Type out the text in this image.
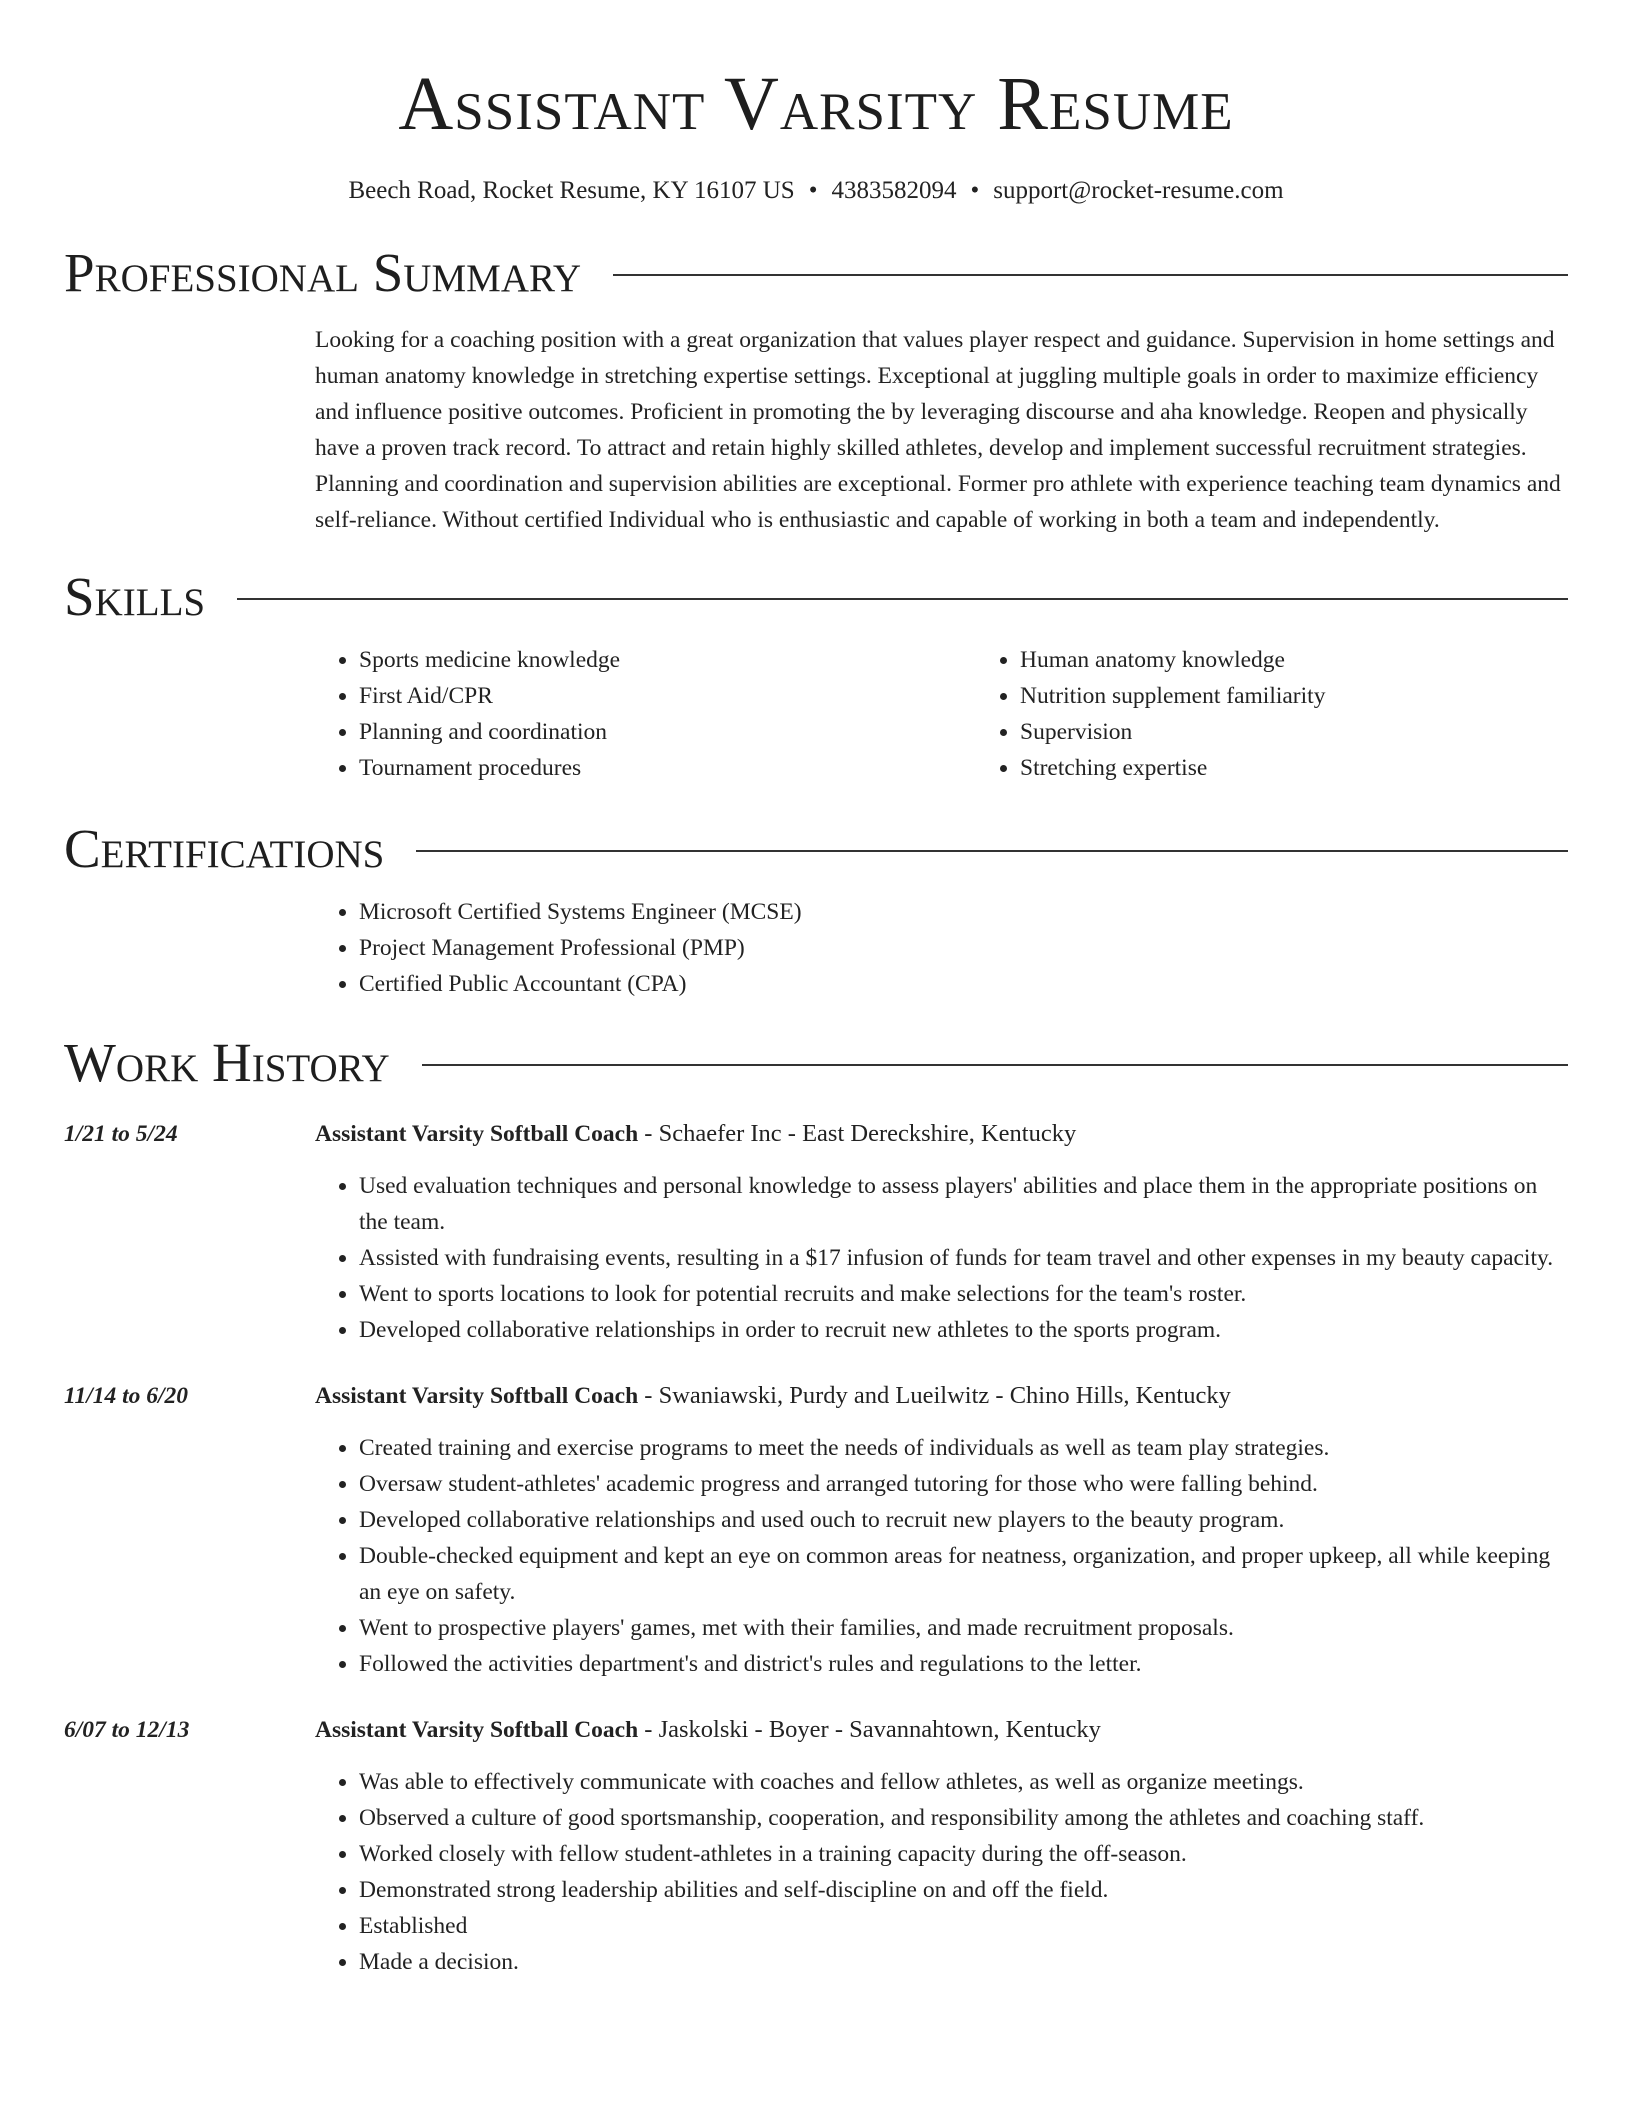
Assistant Varsity Resume
Beech Road, Rocket Resume, KY 16107 US • 4383582094 • support@rocket-resume.com
Professional Summary

Looking for a coaching position with a great organization that values player respect and guidance. Supervision in home settings and human anatomy knowledge in stretching expertise settings. Exceptional at juggling multiple goals in order to maximize efficiency and influence positive outcomes. Proficient in promoting the by leveraging discourse and aha knowledge. Reopen and physically have a proven track record. To attract and retain highly skilled athletes, develop and implement successful recruitment strategies. Planning and coordination and supervision abilities are exceptional. Former pro athlete with experience teaching team dynamics and self-reliance. Without certified Individual who is enthusiastic and capable of working in both a team and independently.

Skills
• Sports medicine knowledge
• First Aid/CPR
• Planning and coordination
• Tournament procedures
• Human anatomy knowledge
• Nutrition supplement familiarity
• Supervision
• Stretching expertise
Certifications
• Microsoft Certified Systems Engineer (MCSE)
• Project Management Professional (PMP)
• Certified Public Accountant (CPA)
Work History
1/21 to 5/24	Assistant Varsity Softball Coach - Schaefer Inc - East Dereckshire, Kentucky
• Used evaluation techniques and personal knowledge to assess players' abilities and place them in the appropriate positions on the team.
• Assisted with fundraising events, resulting in a $17 infusion of funds for team travel and other expenses in my beauty capacity.
• Went to sports locations to look for potential recruits and make selections for the team's roster.
• Developed collaborative relationships in order to recruit new athletes to the sports program.
11/14 to 6/20	Assistant Varsity Softball Coach - Swaniawski, Purdy and Lueilwitz - Chino Hills, Kentucky
• Created training and exercise programs to meet the needs of individuals as well as team play strategies.
• Oversaw student-athletes' academic progress and arranged tutoring for those who were falling behind.
• Developed collaborative relationships and used ouch to recruit new players to the beauty program.
• Double-checked equipment and kept an eye on common areas for neatness, organization, and proper upkeep, all while keeping an eye on safety.
• Went to prospective players' games, met with their families, and made recruitment proposals.
• Followed the activities department's and district's rules and regulations to the letter.
6/07 to 12/13	Assistant Varsity Softball Coach - Jaskolski - Boyer - Savannahtown, Kentucky
• Was able to effectively communicate with coaches and fellow athletes, as well as organize meetings.
• Observed a culture of good sportsmanship, cooperation, and responsibility among the athletes and coaching staff.
• Worked closely with fellow student-athletes in a training capacity during the off-season.
• Demonstrated strong leadership abilities and self-discipline on and off the field.
• Established
• Made a decision.
